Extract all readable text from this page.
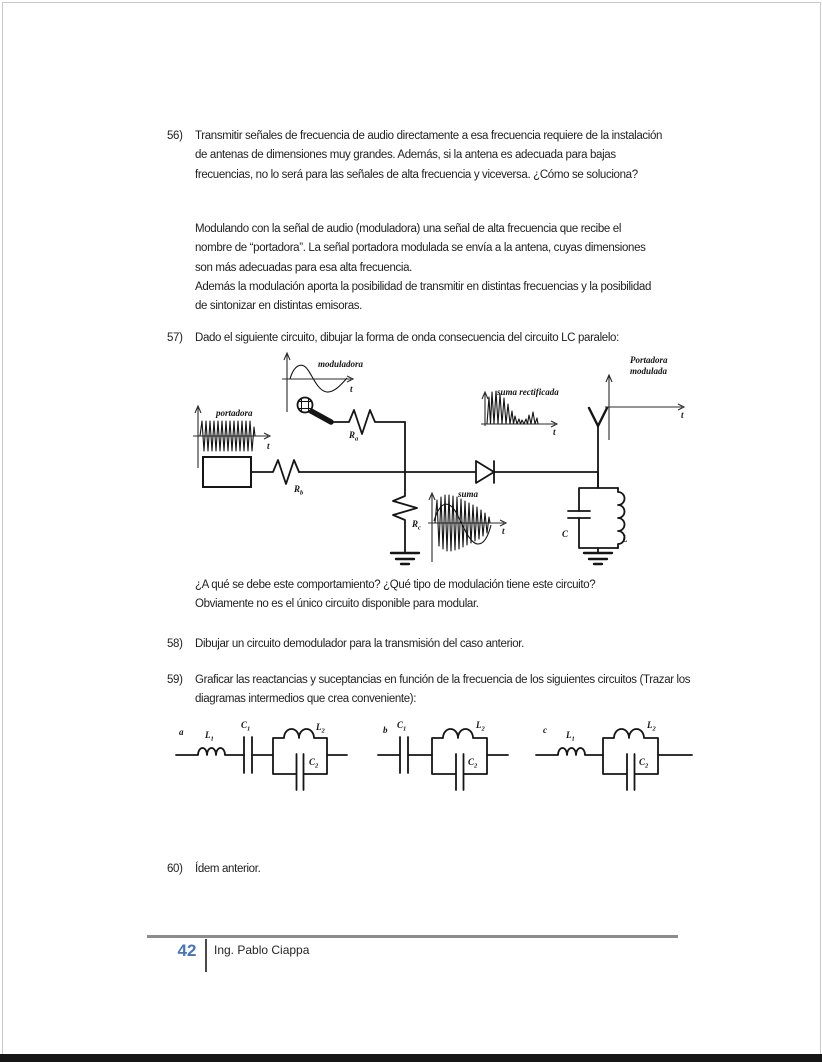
56)	Transmitir señales de frecuencia de audio directamente a esa frecuencia requiere de la instalación de antenas de dimensiones muy grandes. Además, si la antena es adecuada para bajas frecuencias, no lo será para las señales de alta frecuencia y viceversa. ¿Cómo se soluciona?
Modulando con la señal de audio (moduladora) una señal de alta frecuencia que recibe el nombre de “portadora”. La señal portadora modulada se envía a la antena, cuyas dimensiones son más adecuadas para esa alta frecuencia.
Además la modulación aporta la posibilidad de transmitir en distintas frecuencias y la posibilidad de sintonizar en distintas emisoras.
57)	Dado el siguiente circuito, dibujar la forma de onda consecuencia del circuito LC paralelo:
moduladora
t
$R_a$
portadora
t
$R_b$
$R_c$
suma
t
suma rectificada
t
Portadora
modulada
t
C	L
¿A qué se debe este comportamiento? ¿Qué tipo de modulación tiene este circuito? Obviamente no es el único circuito disponible para modular.
58)	Dibujar un circuito demodulador para la transmisión del caso anterior.
59)	Graficar las reactancias y suceptancias en función de la frecuencia de los siguientes circuitos (Trazar los diagramas intermedios que crea conveniente):
a $L_1$
$C_1$	$L_2$
$C_2$
b $C_1$	$L_2$
$C_2$
c $L_1$
$L_2$
$C_2$
60)	Ídem anterior.
42	Ing. Pablo Ciappa
